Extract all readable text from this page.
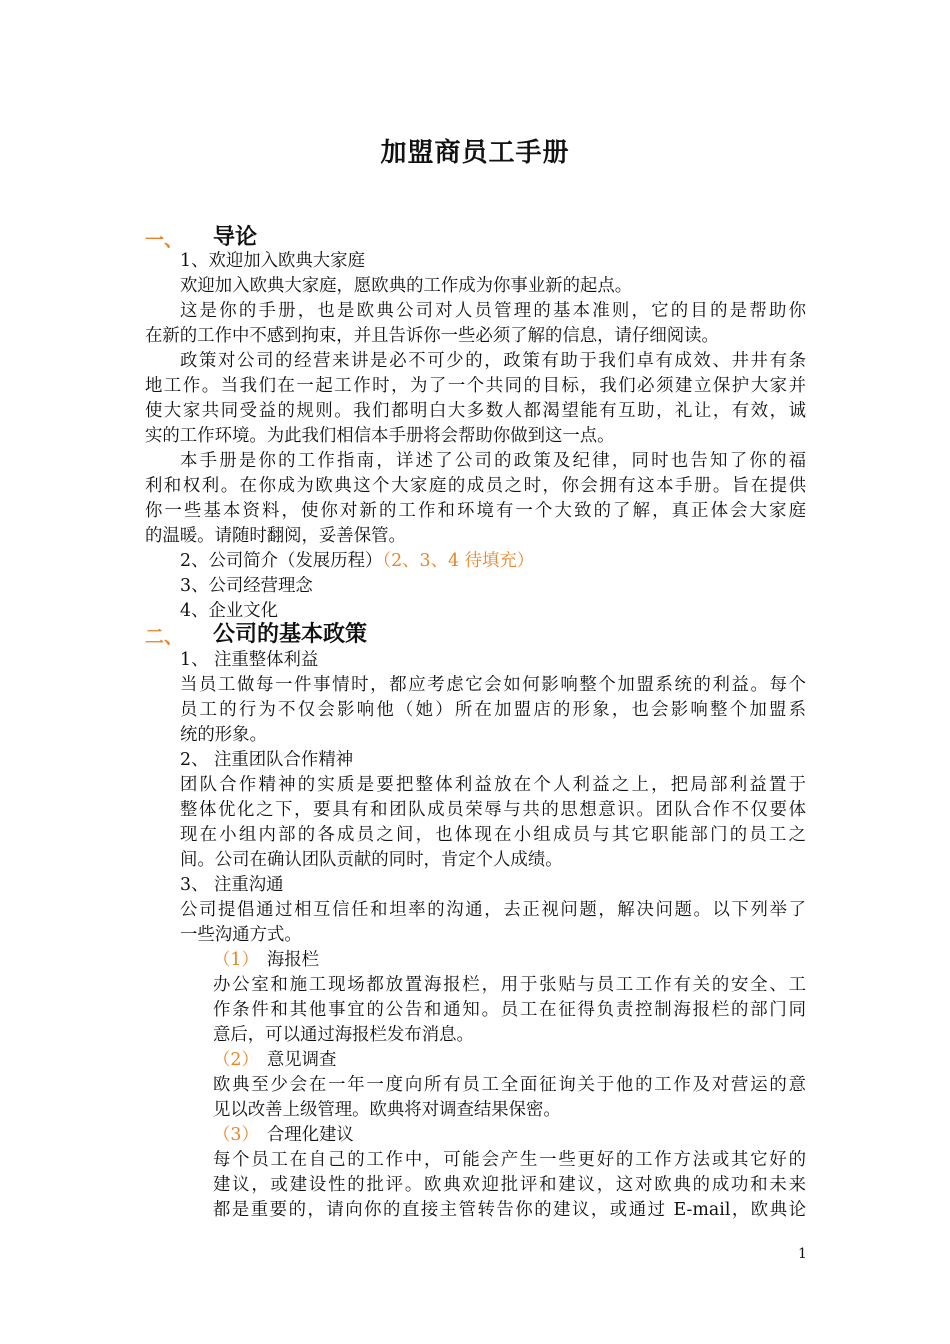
加盟商员工手册
一、 导论
1、欢迎加入欧典大家庭
欢迎加入欧典大家庭，愿欧典的工作成为你事业新的起点。
这是你的手册，也是欧典公司对人员管理的基本准则，它的目的是帮助你
在新的工作中不感到拘束，并且告诉你一些必须了解的信息，请仔细阅读。
政策对公司的经营来讲是必不可少的，政策有助于我们卓有成效、井井有条
地工作。当我们在一起工作时，为了一个共同的目标，我们必须建立保护大家并
使大家共同受益的规则。我们都明白大多数人都渴望能有互助，礼让，有效，诚
实的工作环境。为此我们相信本手册将会帮助你做到这一点。
本手册是你的工作指南，详述了公司的政策及纪律，同时也告知了你的福
利和权利。在你成为欧典这个大家庭的成员之时，你会拥有这本手册。旨在提供
你一些基本资料，使你对新的工作和环境有一个大致的了解，真正体会大家庭
的温暖。请随时翻阅，妥善保管。
2、公司简介（发展历程）（2、3、4 待填充）
3、公司经营理念
4、企业文化
二、 公司的基本政策
1、 注重整体利益
当员工做每一件事情时，都应考虑它会如何影响整个加盟系统的利益。每个
员工的行为不仅会影响他（她）所在加盟店的形象，也会影响整个加盟系
统的形象。
2、 注重团队合作精神
团队合作精神的实质是要把整体利益放在个人利益之上，把局部利益置于
整体优化之下，要具有和团队成员荣辱与共的思想意识。团队合作不仅要体
现在小组内部的各成员之间，也体现在小组成员与其它职能部门的员工之
间。公司在确认团队贡献的同时，肯定个人成绩。
3、 注重沟通
公司提倡通过相互信任和坦率的沟通，去正视问题，解决问题。以下列举了
一些沟通方式。
（1） 海报栏
办公室和施工现场都放置海报栏，用于张贴与员工工作有关的安全、工
作条件和其他事宜的公告和通知。员工在征得负责控制海报栏的部门同
意后，可以通过海报栏发布消息。
（2） 意见调查
欧典至少会在一年一度向所有员工全面征询关于他的工作及对营运的意
见以改善上级管理。欧典将对调查结果保密。
（3） 合理化建议
每个员工在自己的工作中，可能会产生一些更好的工作方法或其它好的
建议，或建设性的批评。欧典欢迎批评和建议，这对欧典的成功和未来
都是重要的，请向你的直接主管转告你的建议，或通过 E-mail，欧典论
1
